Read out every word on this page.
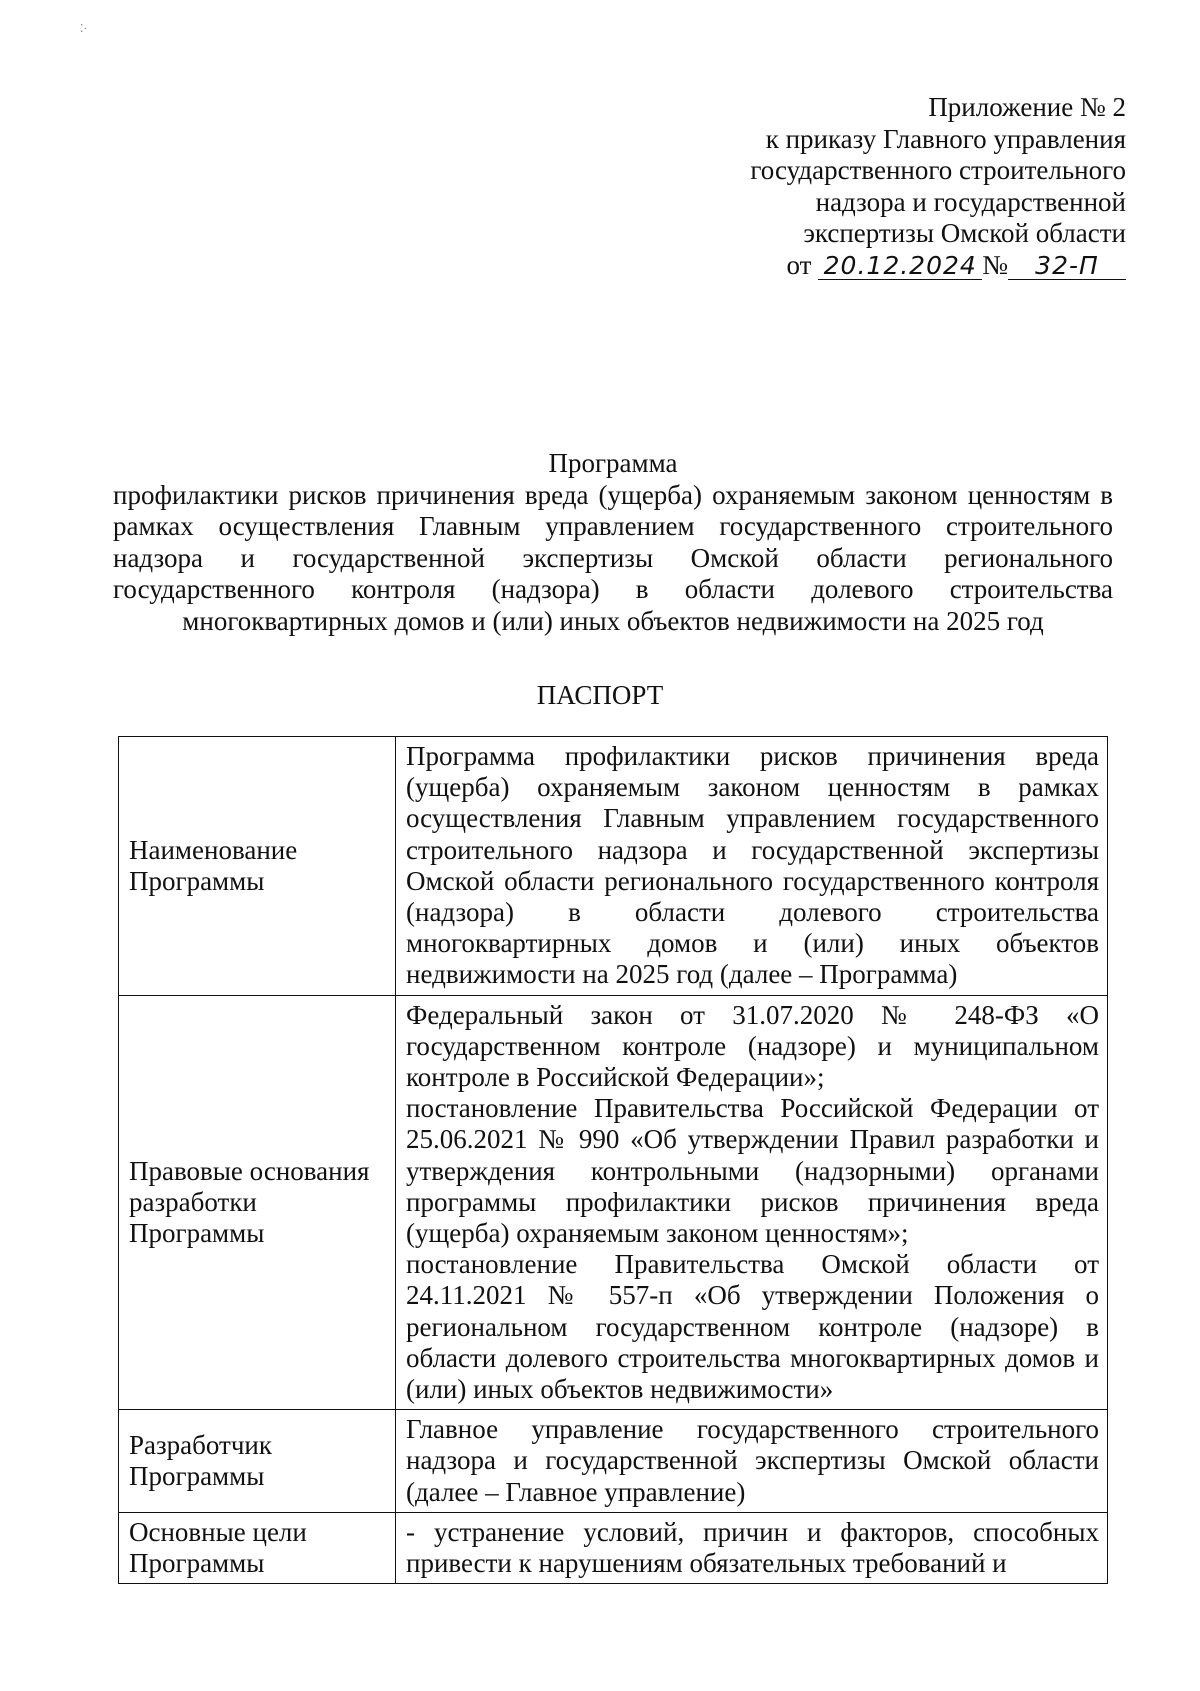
⁚·
Приложение № 2
к приказу Главного управления
государственного строительного
надзора и государственной
экспертизы Омской области
от 20.12.2024 № 32-П
Программа
профилактики рисков причинения вреда (ущерба) охраняемым законом ценностям в рамках осуществления Главным управлением государственного строительного надзора и государственной экспертизы Омской области регионального государственного контроля (надзора) в области долевого строительства многоквартирных домов и (или) иных объектов недвижимости на 2025 год
ПАСПОРТ
Наименование Программы	Программа профилактики рисков причинения вреда (ущерба) охраняемым законом ценностям в рамках осуществления Главным управлением государственного строительного надзора и государственной экспертизы Омской области регионального государственного контроля (надзора) в области долевого строительства многоквартирных домов и (или) иных объектов недвижимости на 2025 год (далее – Программа)

Правовые основания разработки Программы	Федеральный закон от 31.07.2020 № 248-ФЗ «О государственном контроле (надзоре) и муниципальном контроле в Российской Федерации»;
постановление Правительства Российской Федерации от 25.06.2021 № 990 «Об утверждении Правил разработки и утверждения контрольными (надзорными) органами программы профилактики рисков причинения вреда (ущерба) охраняемым законом ценностям»;
постановление Правительства Омской области от 24.11.2021 № 557-п «Об утверждении Положения о региональном государственном контроле (надзоре) в области долевого строительства многоквартирных домов и (или) иных объектов недвижимости»

Разработчик Программы	Главное управление государственного строительного надзора и государственной экспертизы Омской области (далее – Главное управление)

Основные цели Программы	- устранение условий, причин и факторов, способных привести к нарушениям обязательных требований и
